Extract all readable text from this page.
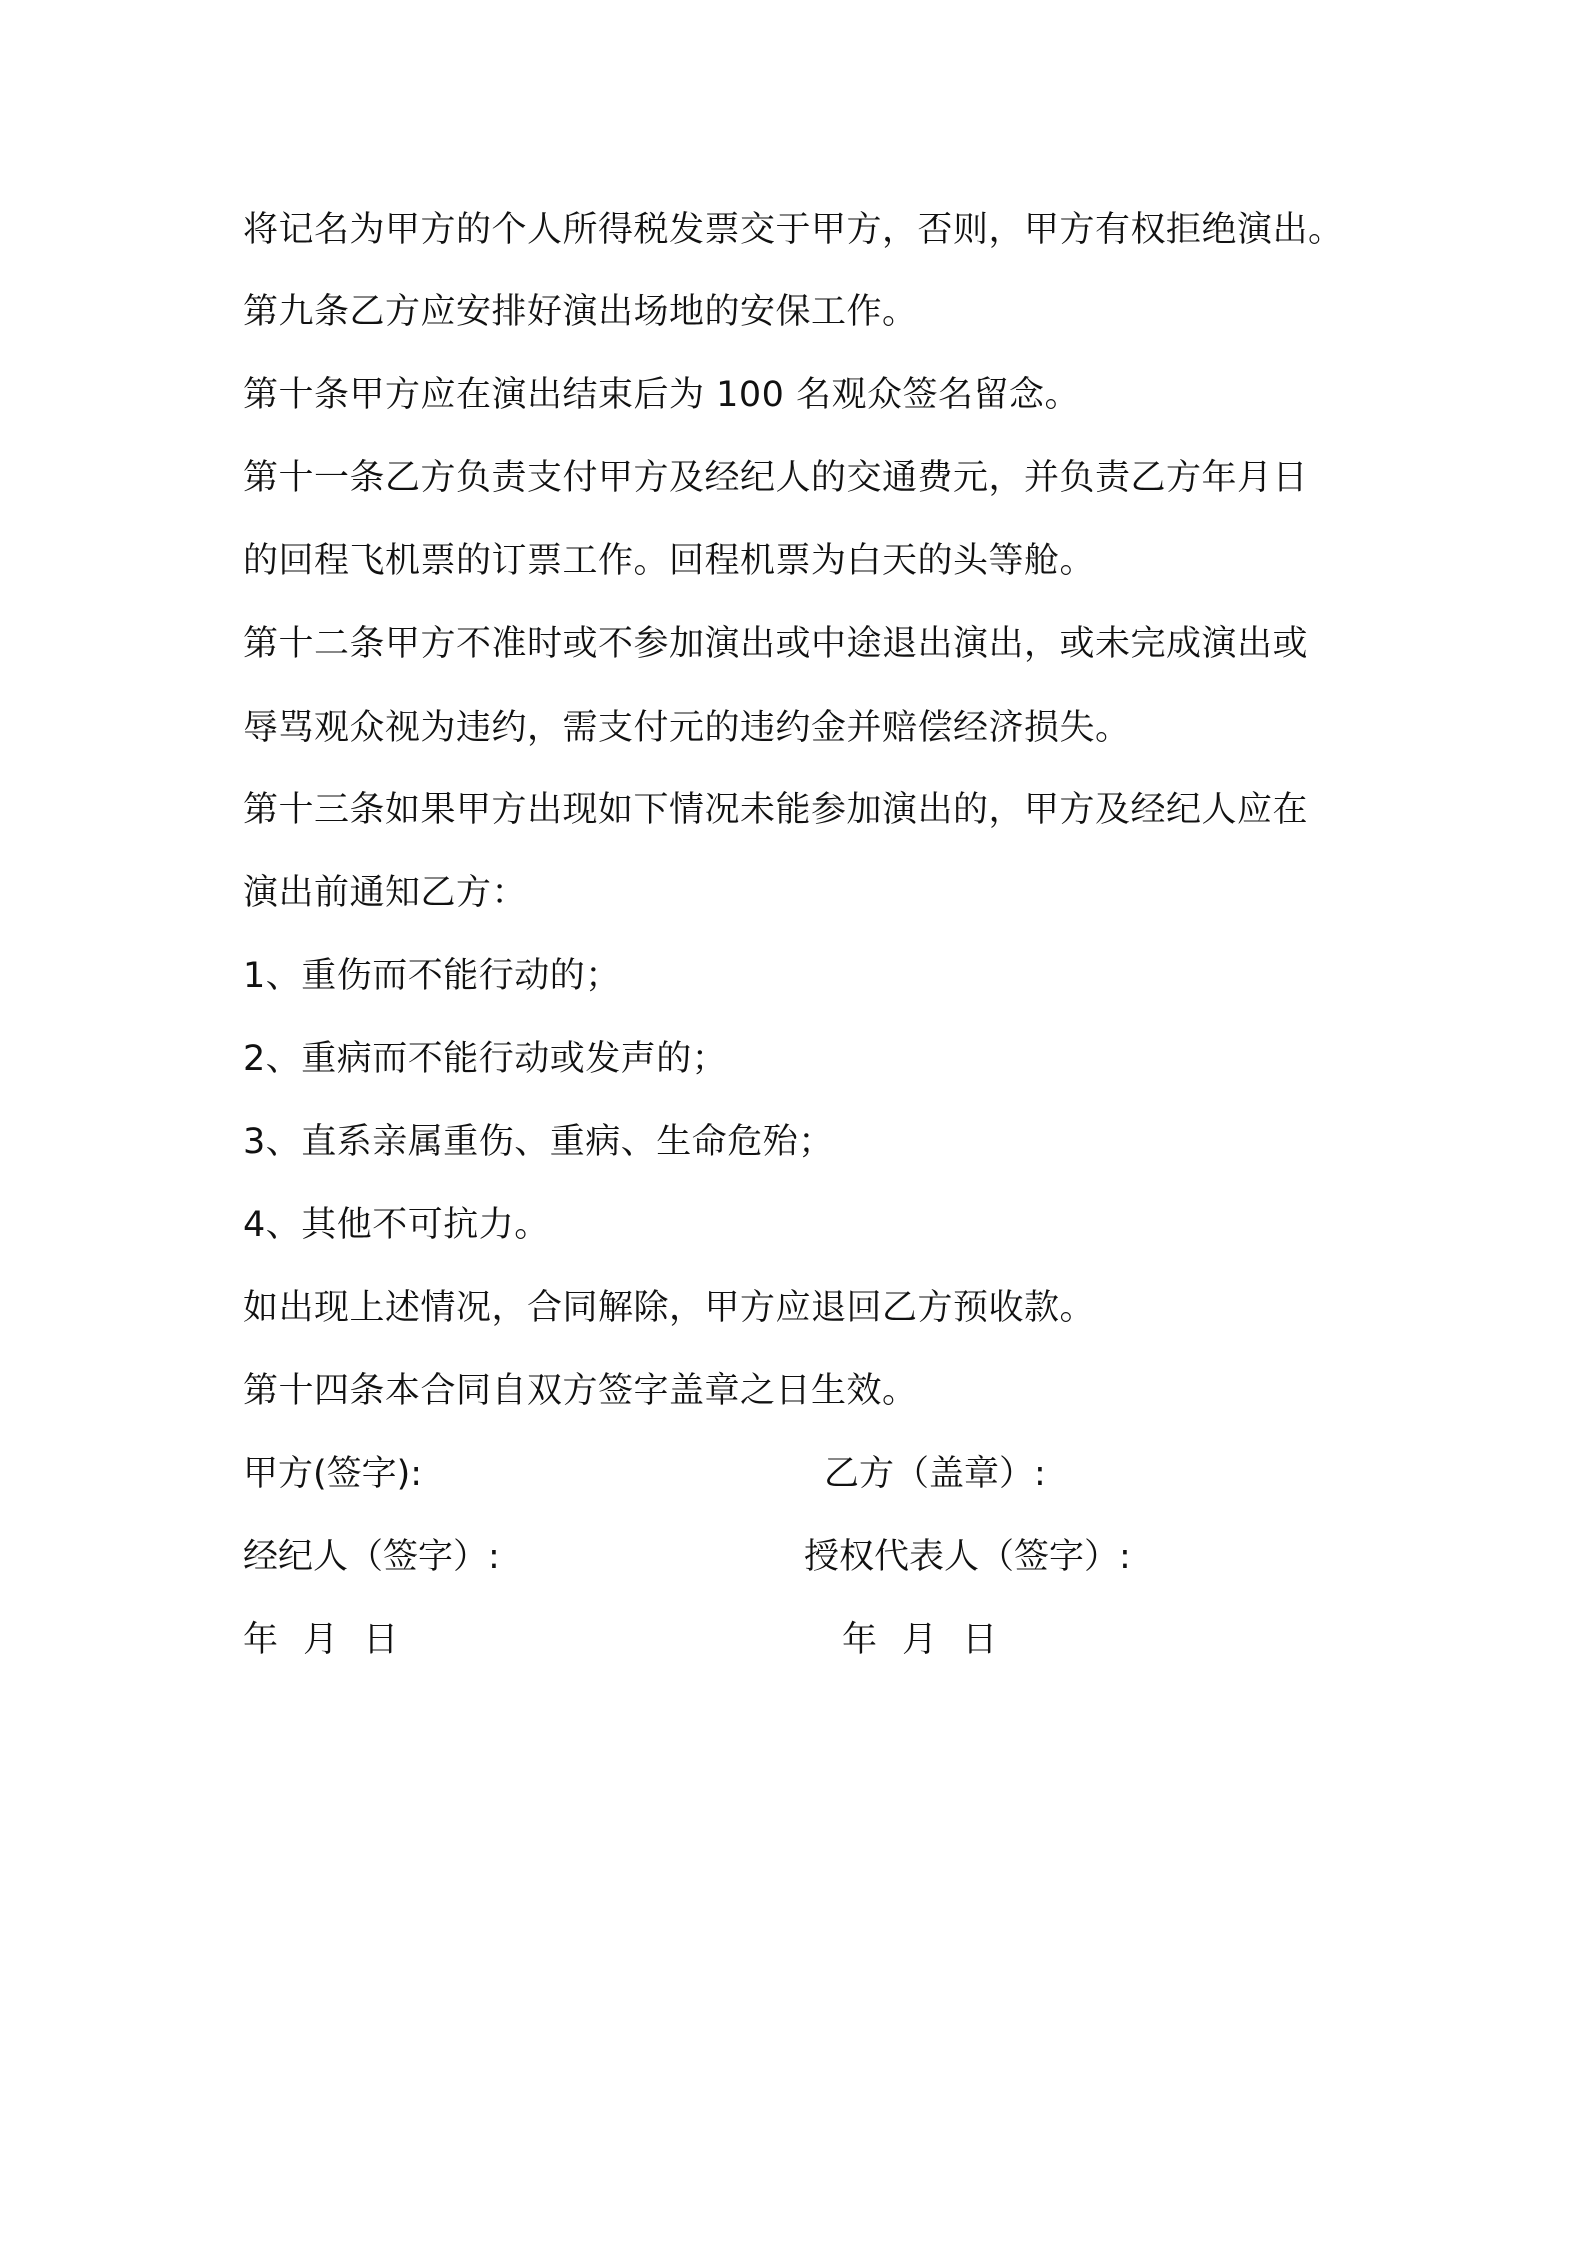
将记名为甲方的个人所得税发票交于甲方，否则，甲方有权拒绝演出。
第九条乙方应安排好演出场地的安保工作。
第十条甲方应在演出结束后为 100 名观众签名留念。
第十一条乙方负责支付甲方及经纪人的交通费元，并负责乙方年月日
的回程飞机票的订票工作。回程机票为白天的头等舱。
第十二条甲方不准时或不参加演出或中途退出演出，或未完成演出或
辱骂观众视为违约，需支付元的违约金并赔偿经济损失。
第十三条如果甲方出现如下情况未能参加演出的，甲方及经纪人应在
演出前通知乙方：
1、重伤而不能行动的；
2、重病而不能行动或发声的；
3、直系亲属重伤、重病、生命危殆；
4、其他不可抗力。
如出现上述情况，合同解除，甲方应退回乙方预收款。
第十四条本合同自双方签字盖章之日生效。
甲方(签字):	乙方（盖章）:
经纪人（签字）:	授权代表人（签字）:
年 月 日	年 月 日
